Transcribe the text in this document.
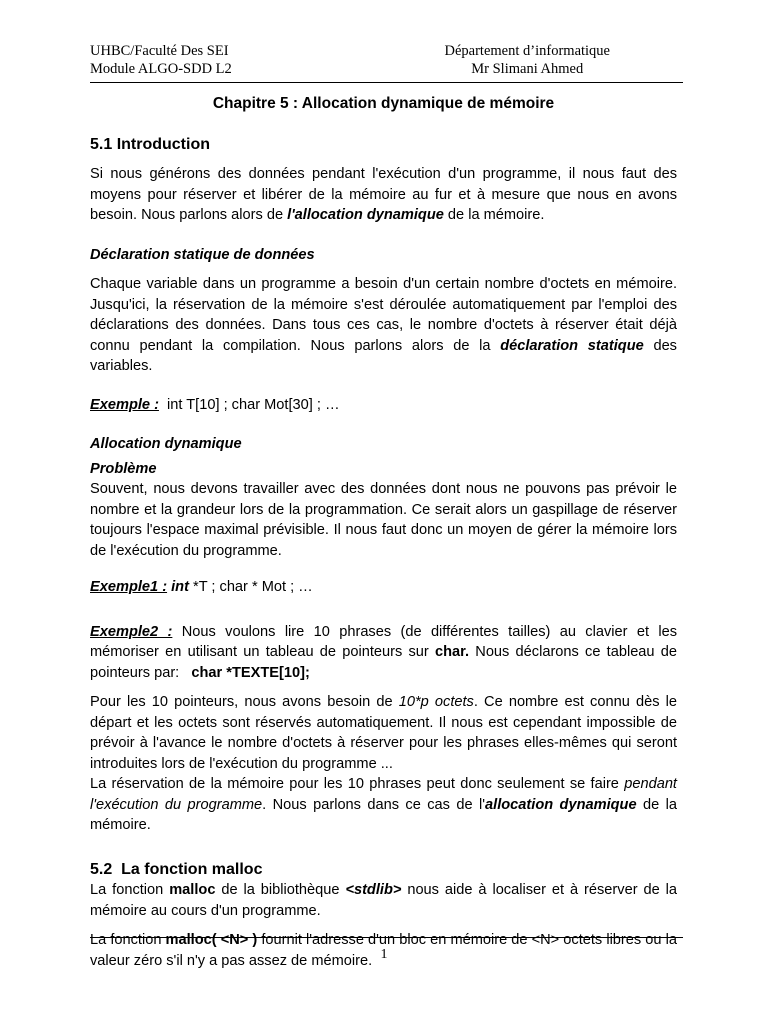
UHBC/Faculté Des SEI
Module ALGO-SDD L2
Département d’informatique
Mr Slimani Ahmed
Chapitre 5 : Allocation dynamique de mémoire
5.1 Introduction

Si nous générons des données pendant l'exécution d'un programme, il nous faut des moyens pour réserver et libérer de la mémoire au fur et à mesure que nous en avons besoin. Nous parlons alors de l'allocation dynamique de la mémoire.

Déclaration statique de données

Chaque variable dans un programme a besoin d'un certain nombre d'octets en mémoire. Jusqu'ici, la réservation de la mémoire s'est déroulée automatiquement par l'emploi des déclarations des données. Dans tous ces cas, le nombre d'octets à réserver était déjà connu pendant la compilation. Nous parlons alors de la déclaration statique des variables.

Exemple :  int T[10] ; char Mot[30] ; …

Allocation dynamique
Problème

Souvent, nous devons travailler avec des données dont nous ne pouvons pas prévoir le nombre et la grandeur lors de la programmation. Ce serait alors un gaspillage de réserver toujours l'espace maximal prévisible. Il nous faut donc un moyen de gérer la mémoire lors de l'exécution du programme.

Exemple1 : int *T ; char * Mot ; …

Exemple2 : Nous voulons lire 10 phrases (de différentes tailles) au clavier et les mémoriser en utilisant un tableau de pointeurs sur char. Nous déclarons ce tableau de pointeurs par:   char *TEXTE[10];

Pour les 10 pointeurs, nous avons besoin de 10*p octets. Ce nombre est connu dès le départ et les octets sont réservés automatiquement. Il nous est cependant impossible de prévoir à l'avance le nombre d'octets à réserver pour les phrases elles-mêmes qui seront introduites lors de l'exécution du programme ...

La réservation de la mémoire pour les 10 phrases peut donc seulement se faire pendant l'exécution du programme. Nous parlons dans ce cas de l'allocation dynamique de la mémoire.

5.2  La fonction malloc

La fonction malloc de la bibliothèque <stdlib> nous aide à localiser et à réserver de la mémoire au cours d'un programme.

La fonction malloc( <N> ) fournit l'adresse d'un bloc en mémoire de <N> octets libres ou la valeur zéro s'il n'y a pas assez de mémoire. 1
